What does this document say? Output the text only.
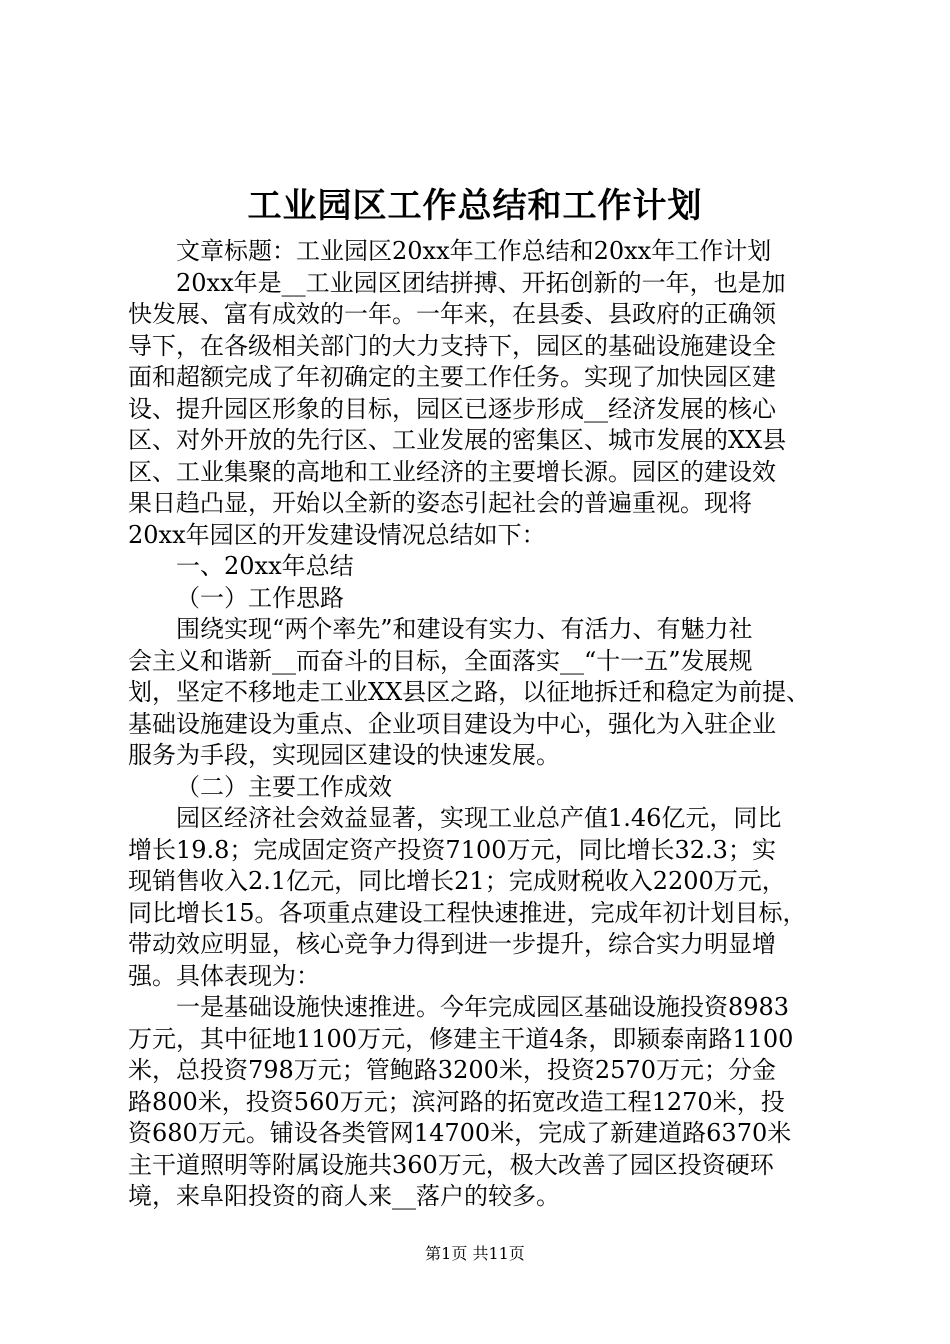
工业园区工作总结和工作计划
文章标题：工业园区20xx年工作总结和20xx年工作计划
20xx年是__工业园区团结拼搏、开拓创新的一年，也是加
快发展、富有成效的一年。一年来，在县委、县政府的正确领
导下，在各级相关部门的大力支持下，园区的基础设施建设全
面和超额完成了年初确定的主要工作任务。实现了加快园区建
设、提升园区形象的目标，园区已逐步形成__经济发展的核心
区、对外开放的先行区、工业发展的密集区、城市发展的XX县
区、工业集聚的高地和工业经济的主要增长源。园区的建设效
果日趋凸显，开始以全新的姿态引起社会的普遍重视。现将
20xx年园区的开发建设情况总结如下：
一、20xx年总结
（一）工作思路
围绕实现“两个率先”和建设有实力、有活力、有魅力社
会主义和谐新__而奋斗的目标，全面落实__“十一五”发展规
划，坚定不移地走工业XX县区之路，以征地拆迁和稳定为前提、
基础设施建设为重点、企业项目建设为中心，强化为入驻企业
服务为手段，实现园区建设的快速发展。
（二）主要工作成效
园区经济社会效益显著，实现工业总产值1.46亿元，同比
增长19.8；完成固定资产投资7100万元，同比增长32.3；实
现销售收入2.1亿元，同比增长21；完成财税收入2200万元，
同比增长15。各项重点建设工程快速推进，完成年初计划目标，
带动效应明显，核心竞争力得到进一步提升，综合实力明显增
强。具体表现为：
一是基础设施快速推进。今年完成园区基础设施投资8983
万元，其中征地1100万元，修建主干道4条，即颍泰南路1100
米，总投资798万元；管鲍路3200米，投资2570万元；分金
路800米，投资560万元；滨河路的拓宽改造工程1270米，投
资680万元。铺设各类管网14700米，完成了新建道路6370米
主干道照明等附属设施共360万元，极大改善了园区投资硬环
境，来阜阳投资的商人来__落户的较多。
第1页 共11页
